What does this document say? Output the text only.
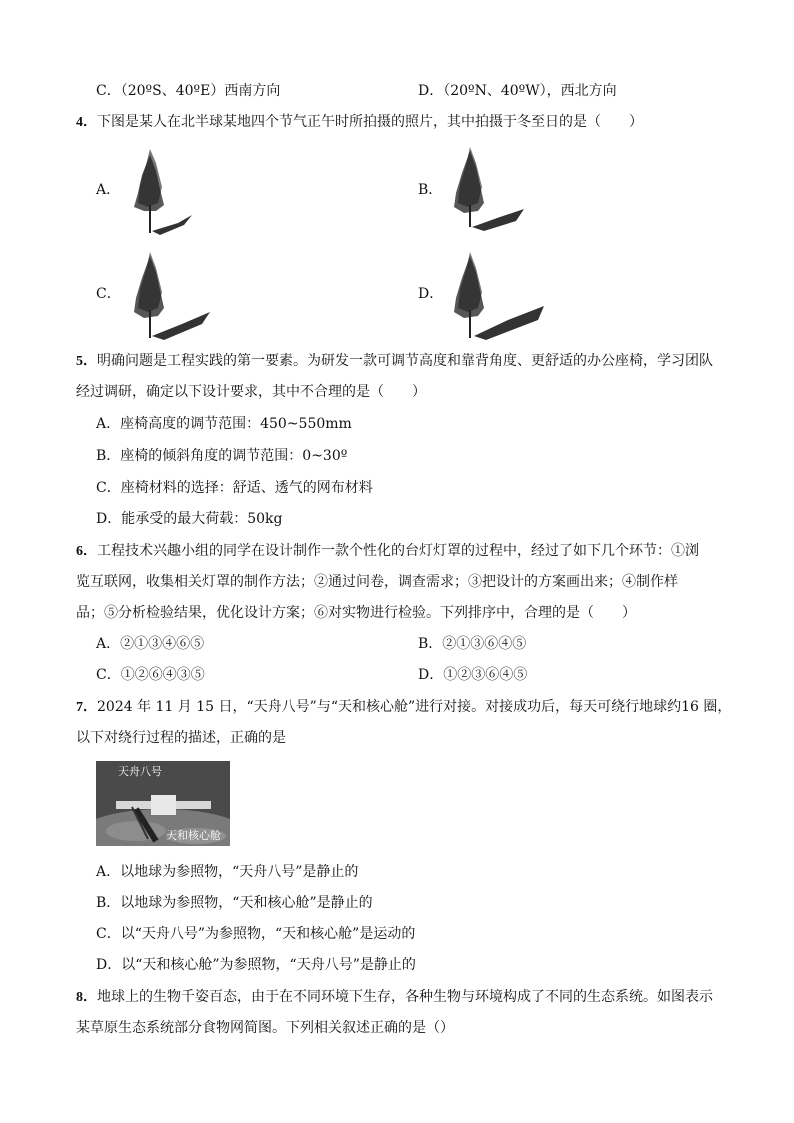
C．（20ºS、40ºE）西南方向	D．（20ºN、40ºW），西北方向
4．下图是某人在北半球某地四个节气正午时所拍摄的照片，其中拍摄于冬至日的是（　　）
A．	B．
C．	D．
5．明确问题是工程实践的第一要素。为研发一款可调节高度和靠背角度、更舒适的办公座椅，学习团队
经过调研，确定以下设计要求，其中不合理的是（　　）
A．座椅高度的调节范围：450~550mm
B．座椅的倾斜角度的调节范围：0~30º
C．座椅材料的选择：舒适、透气的网布材料
D．能承受的最大荷载：50kg
6．工程技术兴趣小组的同学在设计制作一款个性化的台灯灯罩的过程中，经过了如下几个环节：①浏
览互联网，收集相关灯罩的制作方法；②通过问卷，调查需求；③把设计的方案画出来；④制作样
品；⑤分析检验结果，优化设计方案；⑥对实物进行检验。下列排序中，合理的是（　　）
A．②①③④⑥⑤	B．②①③⑥④⑤
C．①②⑥④③⑤	D．①②③⑥④⑤
7．2024 年 11 月 15 日，“天舟八号”与“天和核心舱”进行对接。对接成功后，每天可绕行地球约16 圈，
以下对绕行过程的描述，正确的是
天舟八号
天和核心舱
A．以地球为参照物，“天舟八号”是静止的
B．以地球为参照物，“天和核心舱”是静止的
C．以“天舟八号”为参照物，“天和核心舱”是运动的
D．以“天和核心舱”为参照物，“天舟八号”是静止的
8．地球上的生物千姿百态，由于在不同环境下生存，各种生物与环境构成了不同的生态系统。如图表示
某草原生态系统部分食物网简图。下列相关叙述正确的是（）
